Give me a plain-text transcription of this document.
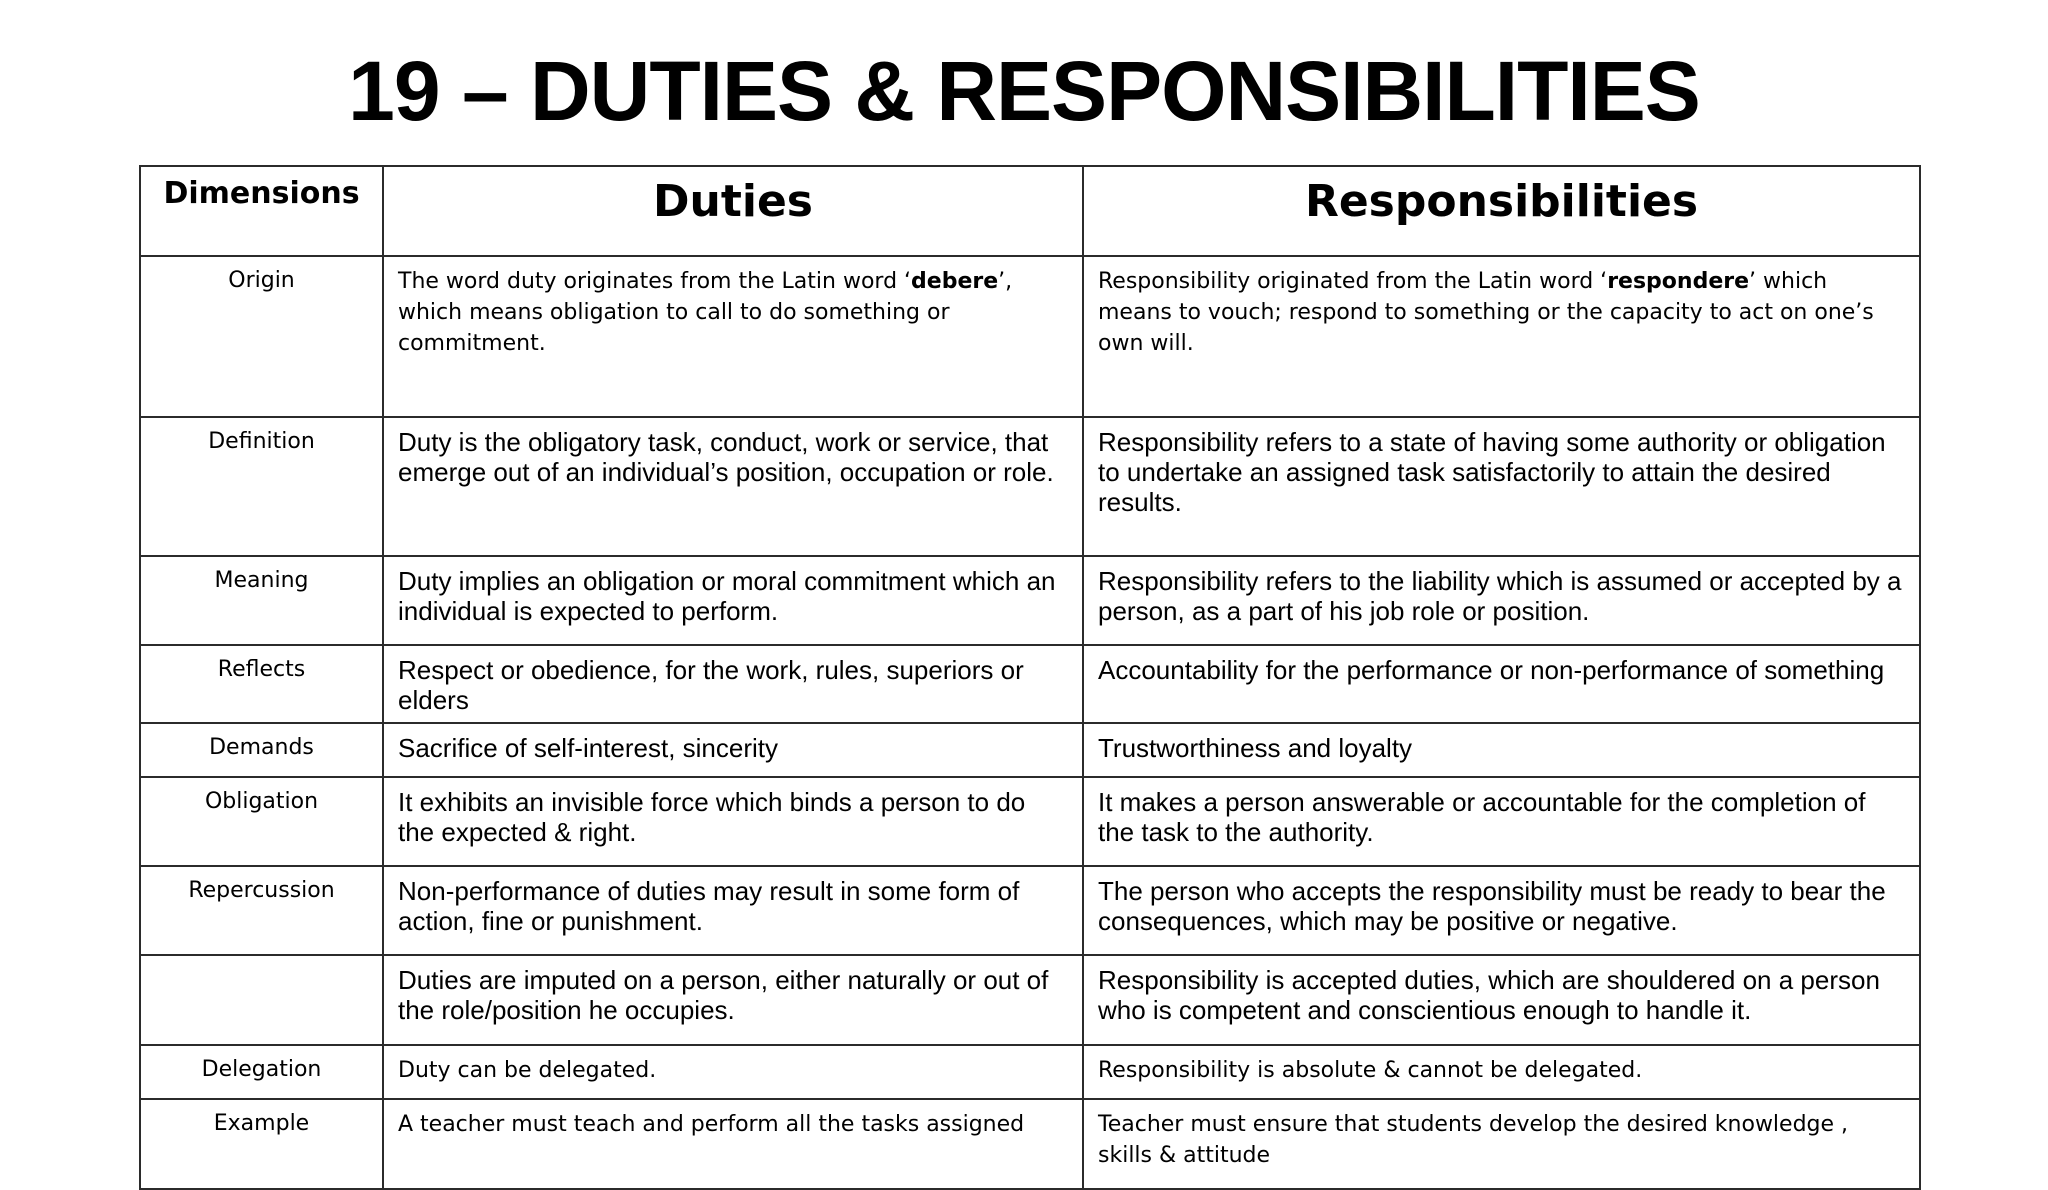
19 – DUTIES & RESPONSIBILITIES
Dimensions	Duties	Responsibilities
Origin	The word duty originates from the Latin word ‘debere’, which means obligation to call to do something or commitment.	Responsibility originated from the Latin word ‘respondere’ which means to vouch; respond to something or the capacity to act on one’s own will.
Definition	Duty is the obligatory task, conduct, work or service, that emerge out of an individual’s position, occupation or role.	Responsibility refers to a state of having some authority or obligation to undertake an assigned task satisfactorily to attain the desired results.
Meaning	Duty implies an obligation or moral commitment which an individual is expected to perform.	Responsibility refers to the liability which is assumed or accepted by a person, as a part of his job role or position.
Reflects	Respect or obedience, for the work, rules, superiors or elders	Accountability for the performance or non-performance of something
Demands	Sacrifice of self-interest, sincerity	Trustworthiness and loyalty
Obligation	It exhibits an invisible force which binds a person to do the expected & right.	It makes a person answerable or accountable for the completion of the task to the authority.
Repercussion	Non-performance of duties may result in some form of action, fine or punishment.	The person who accepts the responsibility must be ready to bear the consequences, which may be positive or negative.
	Duties are imputed on a person, either naturally or out of the role/position he occupies.	Responsibility is accepted duties, which are shouldered on a person who is competent and conscientious enough to handle it.
Delegation	Duty can be delegated.	Responsibility is absolute & cannot be delegated.
Example	A teacher must teach and perform all the tasks assigned	Teacher must ensure that students develop the desired knowledge , skills & attitude
